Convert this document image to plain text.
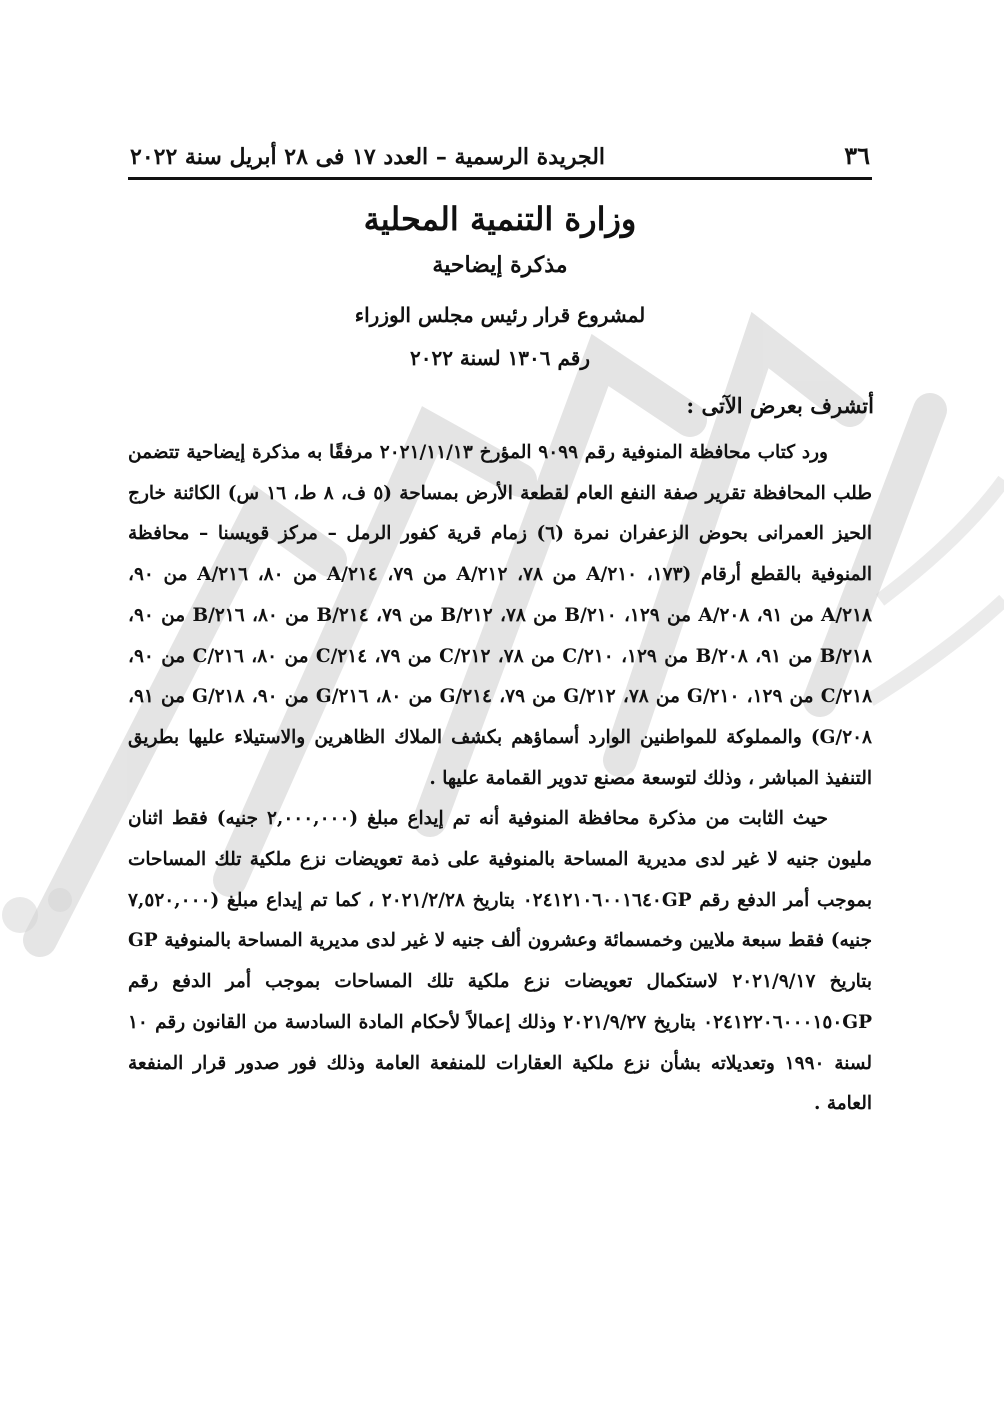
٣٦
الجريدة الرسمية – العدد ١٧ فى ٢٨ أبريل سنة ٢٠٢٢
وزارة التنمية المحلية
مذكرة إيضاحية
لمشروع قرار رئيس مجلس الوزراء
رقم ١٣٠٦ لسنة ٢٠٢٢
أتشرف بعرض الآتى :

ورد كتاب محافظة المنوفية رقم ٩٠٩٩ المؤرخ ٢٠٢١/١١/١٣ مرفقًا به مذكرة إيضاحية تتضمن طلب المحافظة تقرير صفة النفع العام لقطعة الأرض بمساحة (٥ ف، ٨ ط، ١٦ س) الكائنة خارج الحيز العمرانى بحوض الزعفران نمرة (٦) زمام قرية كفور الرمل – مركز قويسنا – محافظة المنوفية بالقطع أرقام (١٧٣، ٢١٠/A من ٧٨، ٢١٢/A من ٧٩، ٢١٤/A من ٨٠، ٢١٦/A من ٩٠، ٢١٨/A من ٩١، ٢٠٨/A من ١٢٩، ٢١٠/B من ٧٨، ٢١٢/B من ٧٩، ٢١٤/B من ٨٠، ٢١٦/B من ٩٠، ٢١٨/B من ٩١، ٢٠٨/B من ١٢٩، ٢١٠/C من ٧٨، ٢١٢/C من ٧٩، ٢١٤/C من ٨٠، ٢١٦/C من ٩٠، ٢١٨/C من ١٢٩، ٢١٠/G من ٧٨، ٢١٢/G من ٧٩، ٢١٤/G من ٨٠، ٢١٦/G من ٩٠، ٢١٨/G من ٩١، ٢٠٨/G) والمملوكة للمواطنين الوارد أسماؤهم بكشف الملاك الظاهرين والاستيلاء عليها بطريق التنفيذ المباشر ، وذلك لتوسعة مصنع تدوير القمامة عليها .

حيث الثابت من مذكرة محافظة المنوفية أنه تم إيداع مبلغ (٢,٠٠٠,٠٠٠ جنيه) فقط اثنان مليون جنيه لا غير لدى مديرية المساحة بالمنوفية على ذمة تعويضات نزع ملكية تلك المساحات بموجب أمر الدفع رقم ٠٢٤١٢١٠٦٠٠١٦٤٠GP بتاريخ ٢٠٢١/٢/٢٨ ، كما تم إيداع مبلغ (٧,٥٢٠,٠٠٠ جنيه) فقط سبعة ملايين وخمسمائة وعشرون ألف جنيه لا غير لدى مديرية المساحة بالمنوفية GP بتاريخ ٢٠٢١/٩/١٧ لاستكمال تعويضات نزع ملكية تلك المساحات بموجب أمر الدفع رقم ٠٢٤١٢٢٠٦٠٠٠١٥٠GP بتاريخ ٢٠٢١/٩/٢٧ وذلك إعمالاً لأحكام المادة السادسة من القانون رقم ١٠ لسنة ١٩٩٠ وتعديلاته بشأن نزع ملكية العقارات للمنفعة العامة وذلك فور صدور قرار المنفعة العامة .
